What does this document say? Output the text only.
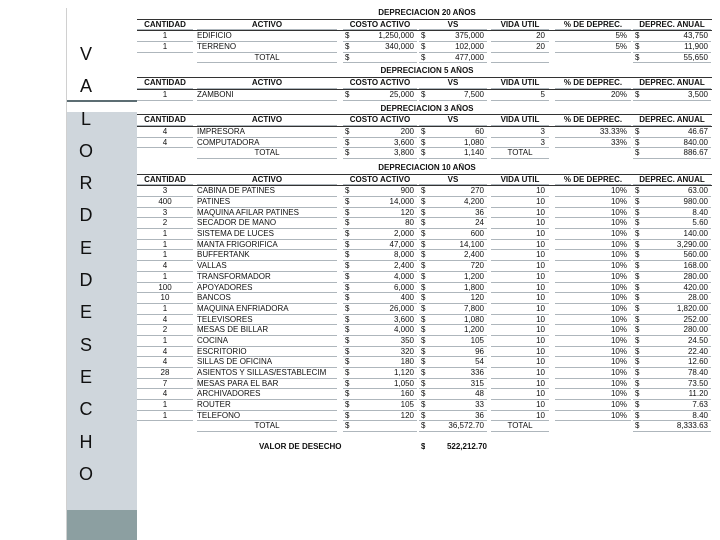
V
A
L
O
R
D
E
D
E
S
E
C
H
O
DEPRECIACION 20 AÑOS
CANTIDAD	ACTIVO	COSTO ACTIVO	VS	VIDA UTIL	% DE DEPREC.	DEPREC. ANUAL
1	EDIFICIO	$	1,250,000 $	375,000	20	5%	$	43,750
1	TERRENO	$	340,000 $	102,000	20	5%	$	11,900
TOTAL	$	$	477,000	$	55,650
DEPRECIACION 5 AÑOS
CANTIDAD	ACTIVO	COSTO ACTIVO	VS	VIDA UTIL	% DE DEPREC.	DEPREC. ANUAL
1	ZAMBONI	$	25,000 $	7,500	5	20%	$	3,500
DEPRECIACION 3 AÑOS
CANTIDAD	ACTIVO	COSTO ACTIVO	VS	VIDA UTIL	% DE DEPREC.	DEPREC. ANUAL
4	IMPRESORA	$	200 $	60	3	33.33%	$	46.67
4	COMPUTADORA	$	3,600 $	1,080	3	33%	$	840.00
TOTAL	$	3,800 $	1,140	TOTAL	$	886.67
DEPRECIACION 10 AÑOS
CANTIDAD	ACTIVO	COSTO ACTIVO	VS	VIDA UTIL	% DE DEPREC.	DEPREC. ANUAL
3	CABINA DE PATINES	$	900 $	270	10	10%	$	63.00
400	PATINES	$	14,000 $	4,200	10	10%	$	980.00
3	MAQUINA AFILAR PATINES	$	120 $	36	10	10%	$	8.40
2	SECADOR DE MANO	$	80 $	24	10	10%	$	5.60
1	SISTEMA DE LUCES	$	2,000 $	600	10	10%	$	140.00
1	MANTA FRIGORIFICA	$	47,000 $	14,100	10	10%	$	3,290.00
1	BUFFERTANK	$	8,000 $	2,400	10	10%	$	560.00
4	VALLAS	$	2,400 $	720	10	10%	$	168.00
1	TRANSFORMADOR	$	4,000 $	1,200	10	10%	$	280.00
100	APOYADORES	$	6,000 $	1,800	10	10%	$	420.00
10	BANCOS	$	400 $	120	10	10%	$	28.00
1	MAQUINA ENFRIADORA	$	26,000 $	7,800	10	10%	$	1,820.00
4	TELEVISORES	$	3,600 $	1,080	10	10%	$	252.00
2	MESAS DE BILLAR	$	4,000 $	1,200	10	10%	$	280.00
1	COCINA	$	350 $	105	10	10%	$	24.50
4	ESCRITORIO	$	320 $	96	10	10%	$	22.40
4	SILLAS DE OFICINA	$	180 $	54	10	10%	$	12.60
28	ASIENTOS Y SILLAS/ESTABLECIM	$	1,120 $	336	10	10%	$	78.40
7	MESAS PARA EL BAR	$	1,050 $	315	10	10%	$	73.50
4	ARCHIVADORES	$	160 $	48	10	10%	$	11.20
1	ROUTER	$	105 $	33	10	10%	$	7.63
1	TELEFONO	$	120 $	36	10	10%	$	8.40
TOTAL	$	$	36,572.70	TOTAL	$	8,333.63
VALOR DE DESECHO	$	522,212.70
